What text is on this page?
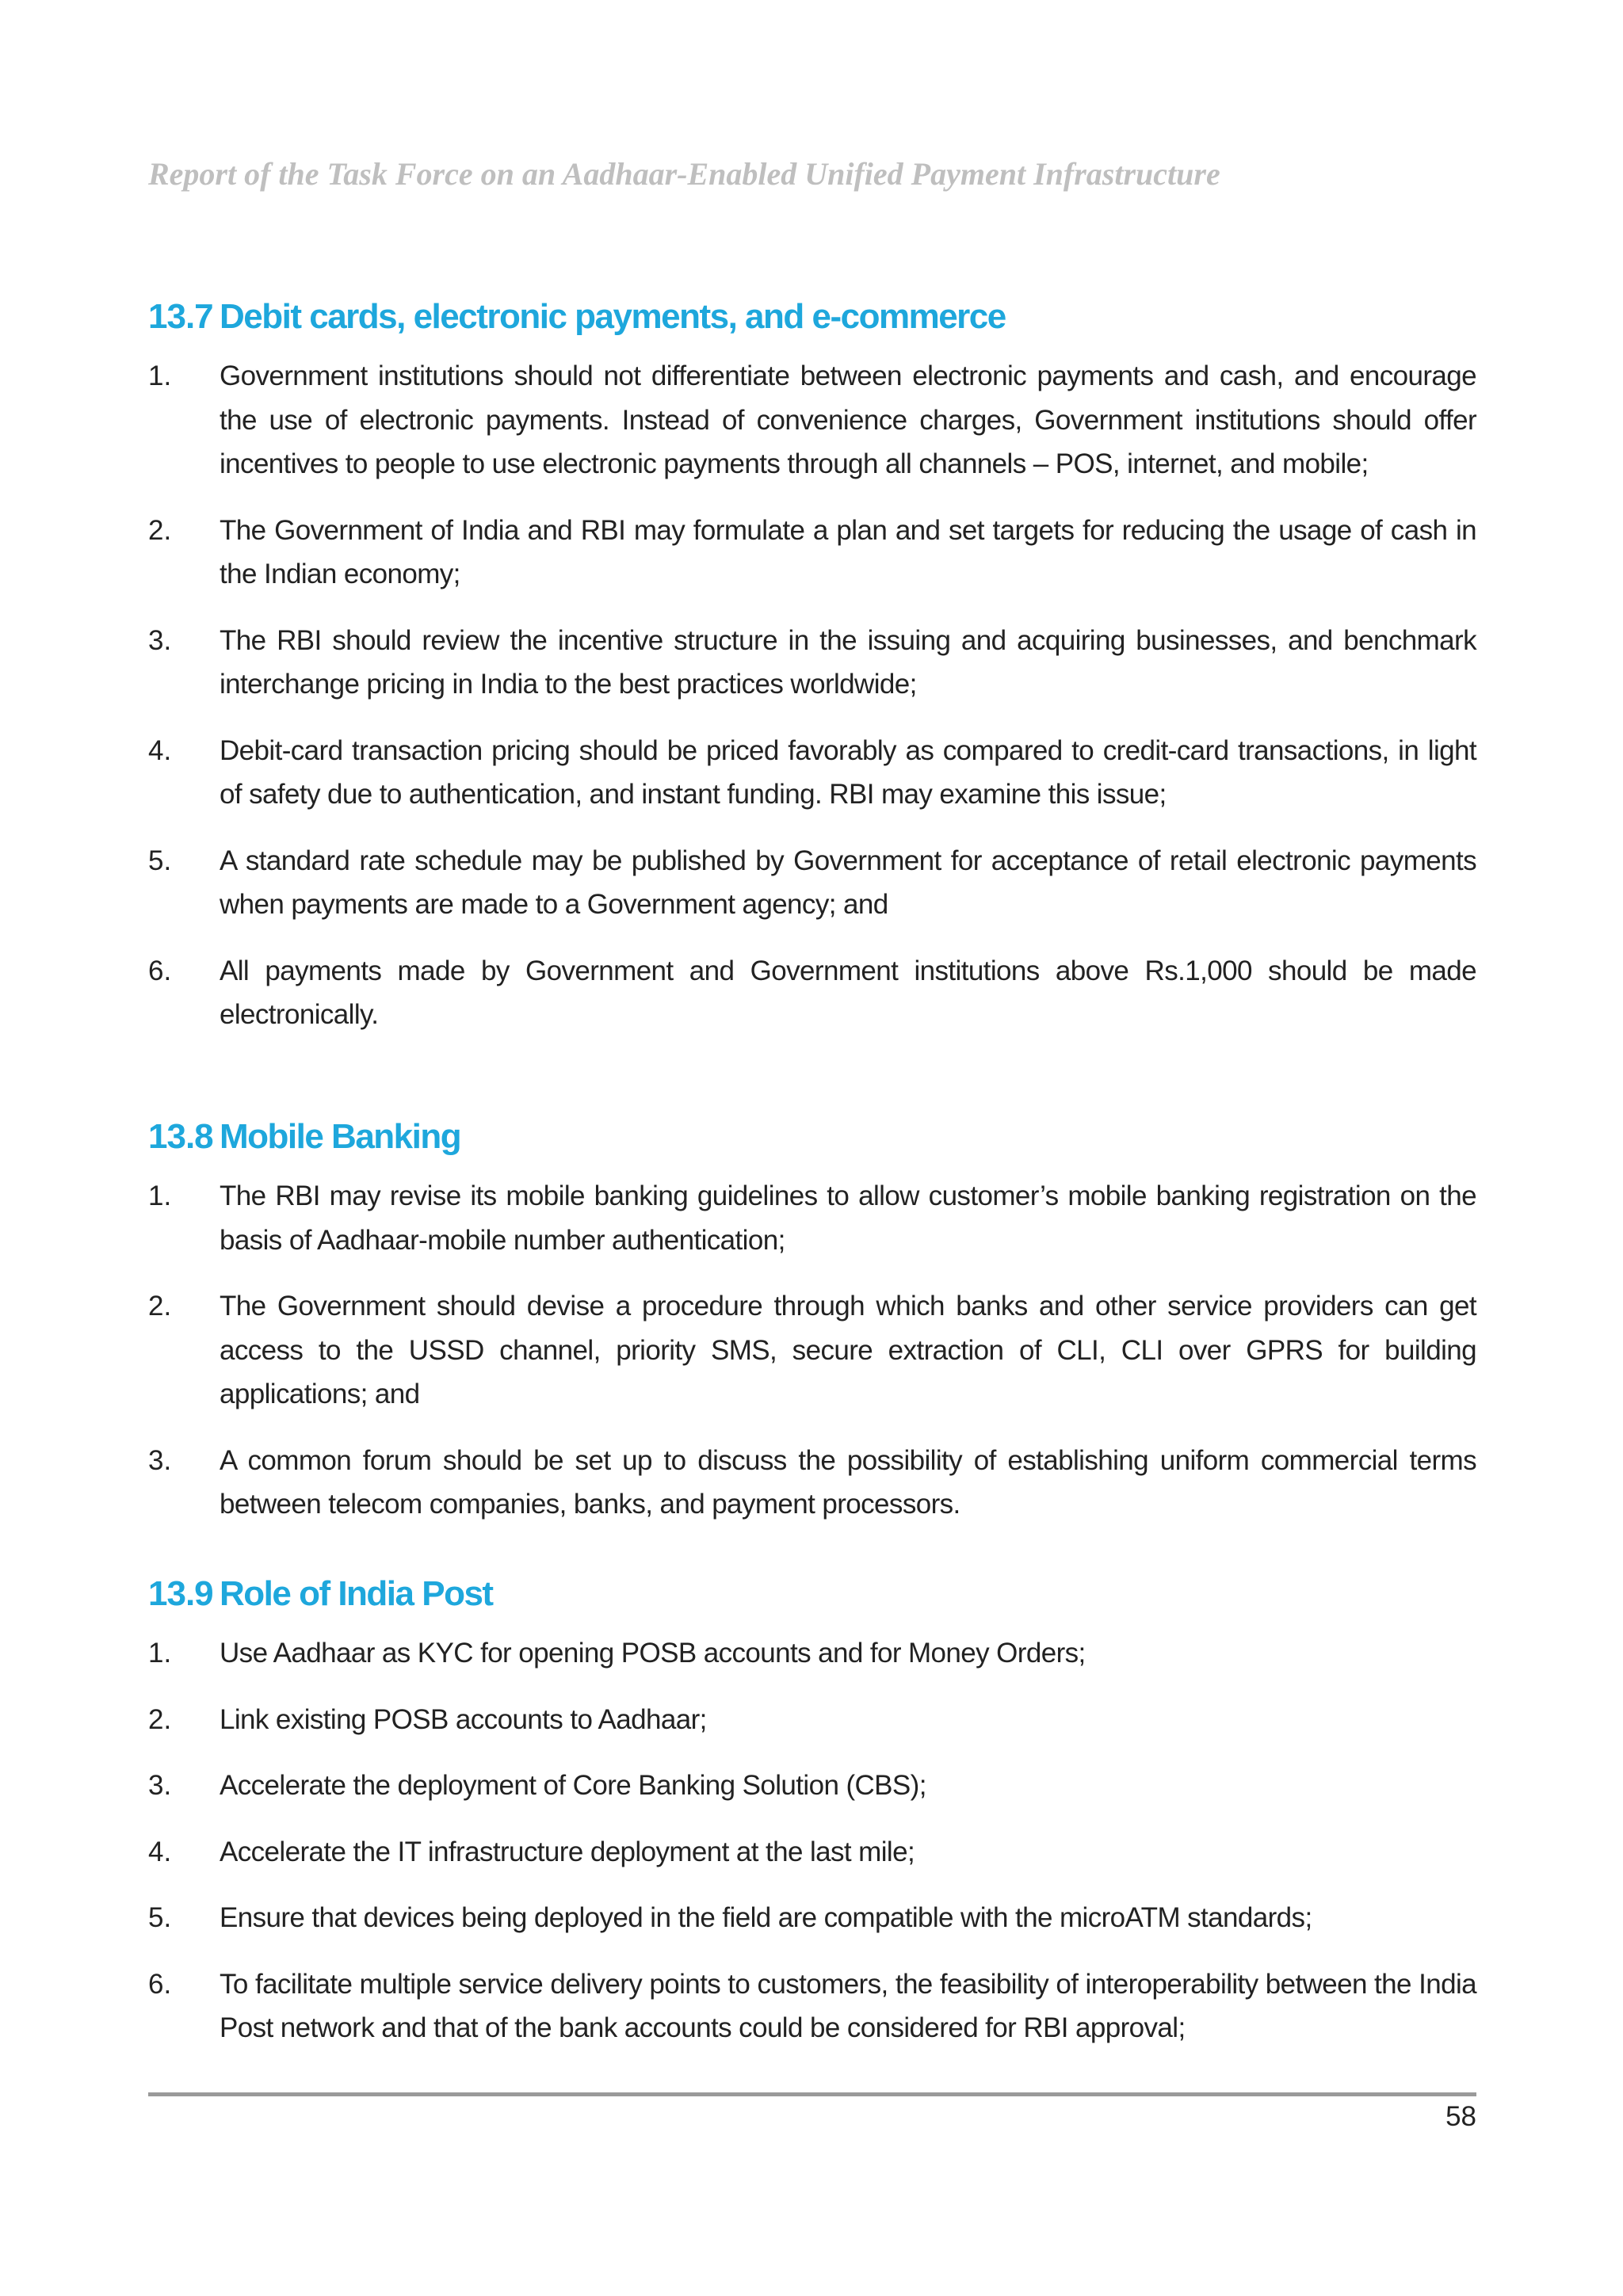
Report of the Task Force on an Aadhaar-Enabled Unified Payment Infrastructure
13.7 Debit cards, electronic payments, and e-commerce
1. Government institutions should not differentiate between electronic payments and cash, and encourage the use of electronic payments. Instead of convenience charges, Government institutions should offer incentives to people to use electronic payments through all channels – POS, internet, and mobile;

2. The Government of India and RBI may formulate a plan and set targets for reducing the usage of cash in the Indian economy;

3. The RBI should review the incentive structure in the issuing and acquiring businesses, and benchmark interchange pricing in India to the best practices worldwide;

4. Debit-card transaction pricing should be priced favorably as compared to credit-card transactions, in light of safety due to authentication, and instant funding. RBI may examine this issue;

5. A standard rate schedule may be published by Government for acceptance of retail electronic payments when payments are made to a Government agency; and

6. All payments made by Government and Government institutions above Rs.1,000 should be made electronically.

13.8 Mobile Banking
1. The RBI may revise its mobile banking guidelines to allow customer’s mobile banking registration on the basis of Aadhaar-mobile number authentication;

2. The Government should devise a procedure through which banks and other service providers can get access to the USSD channel, priority SMS, secure extraction of CLI, CLI over GPRS for building applications; and

3. A common forum should be set up to discuss the possibility of establishing uniform commercial terms between telecom companies, banks, and payment processors.

13.9 Role of India Post
1. Use Aadhaar as KYC for opening POSB accounts and for Money Orders;

2. Link existing POSB accounts to Aadhaar;

3. Accelerate the deployment of Core Banking Solution (CBS);

4. Accelerate the IT infrastructure deployment at the last mile;

5. Ensure that devices being deployed in the field are compatible with the microATM standards;

6. To facilitate multiple service delivery points to customers, the feasibility of interoperability between the India Post network and that of the bank accounts could be considered for RBI approval;

58
